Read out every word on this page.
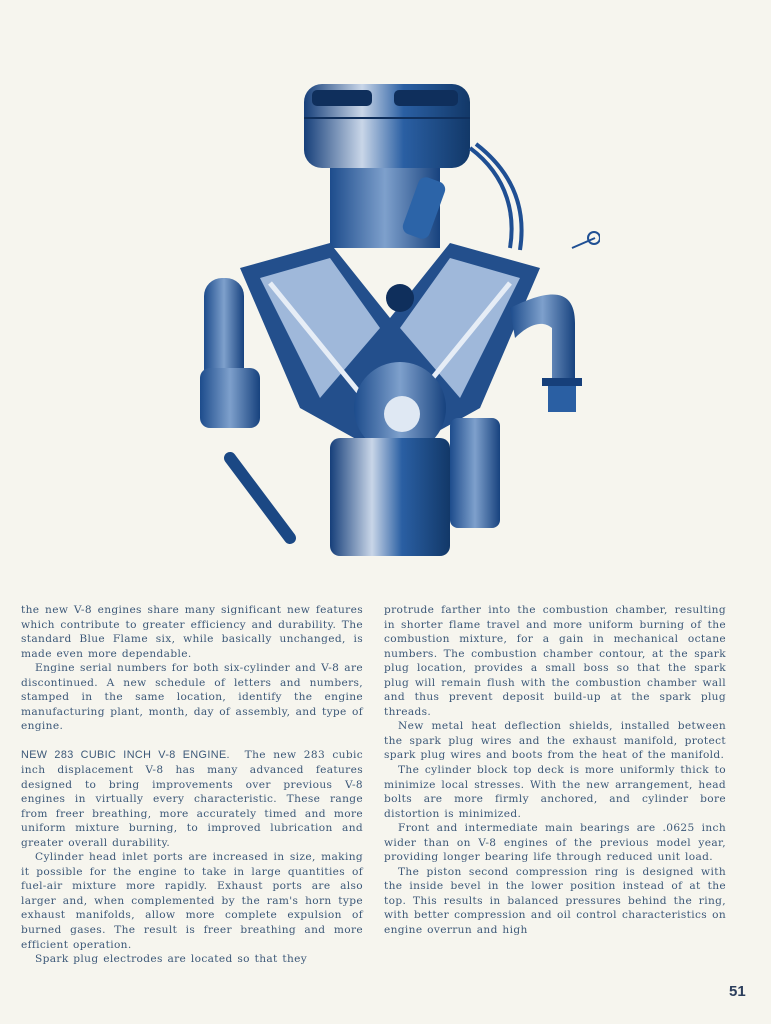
the new V-8 engines share many significant new features which contribute to greater efficiency and durability. The standard Blue Flame six, while basically unchanged, is made even more dependable.

Engine serial numbers for both six-cylinder and V-8 are discontinued. A new schedule of letters and numbers, stamped in the same location, identify the engine manufacturing plant, month, day of assembly, and type of engine.

NEW 283 CUBIC INCH V-8 ENGINE. The new 283 cubic inch displacement V-8 has many advanced features designed to bring improvements over previous V-8 engines in virtually every characteristic. These range from freer breathing, more accurately timed and more uniform mixture burning, to improved lubrication and greater overall durability.

Cylinder head inlet ports are increased in size, making it possible for the engine to take in large quantities of fuel-air mixture more rapidly. Exhaust ports are also larger and, when complemented by the ram's horn type exhaust manifolds, allow more complete expulsion of burned gases. The result is freer breathing and more efficient operation.

Spark plug electrodes are located so that they

protrude farther into the combustion chamber, resulting in shorter flame travel and more uniform burning of the combustion mixture, for a gain in mechanical octane numbers. The combustion chamber contour, at the spark plug location, provides a small boss so that the spark plug will remain flush with the combustion chamber wall and thus prevent deposit build-up at the spark plug threads.

New metal heat deflection shields, installed between the spark plug wires and the exhaust manifold, protect spark plug wires and boots from the heat of the manifold.

The cylinder block top deck is more uniformly thick to minimize local stresses. With the new arrangement, head bolts are more firmly anchored, and cylinder bore distortion is minimized.

Front and intermediate main bearings are .0625 inch wider than on V-8 engines of the previous model year, providing longer bearing life through reduced unit load.

The piston second compression ring is designed with the inside bevel in the lower position instead of at the top. This results in balanced pressures behind the ring, with better compression and oil control characteristics on engine overrun and high

51
